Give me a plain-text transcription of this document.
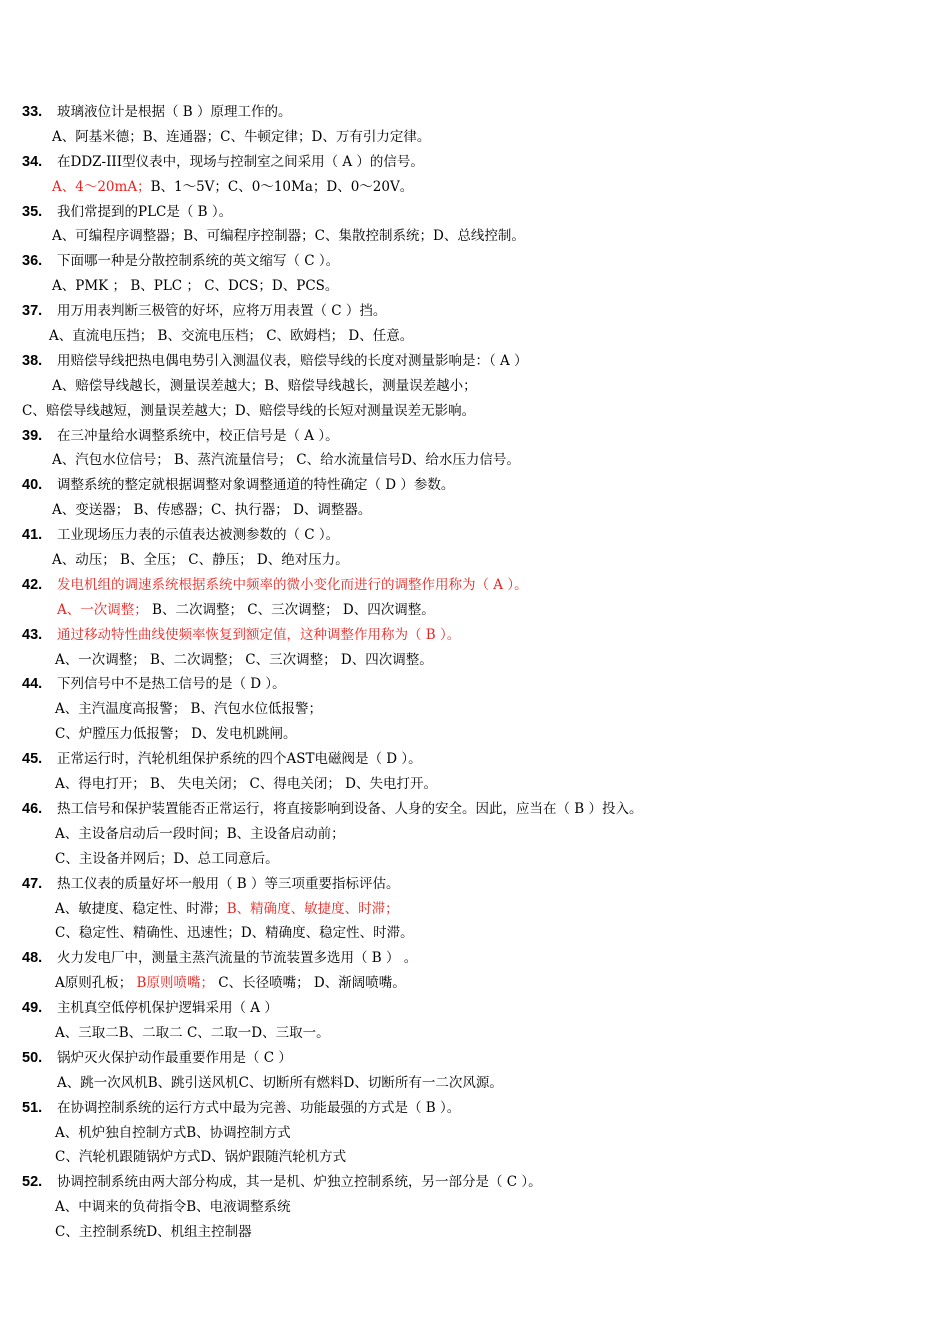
33. 玻璃液位计是根据（ B ）原理工作的。
A、阿基米德；B、连通器；C、牛顿定律；D、万有引力定律。
34. 在DDZ-III型仪表中，现场与控制室之间采用（ A ）的信号。
A、4～20mA；B、1～5V；C、0～10Ma；D、0～20V。
35. 我们常提到的PLC是（ B ）。
A、可编程序调整器；B、可编程序控制器；C、集散控制系统；D、总线控制。
36. 下面哪一种是分散控制系统的英文缩写（ C ）。
A、PMK ； B、PLC ； C、DCS；D、PCS。
37. 用万用表判断三极管的好坏，应将万用表置（ C ）挡。
A、直流电压挡； B、交流电压档； C、欧姆档； D、任意。
38. 用赔偿导线把热电偶电势引入测温仪表，赔偿导线的长度对测量影响是：（ A ）
A、赔偿导线越长，测量误差越大；B、赔偿导线越长，测量误差越小；
C、赔偿导线越短，测量误差越大；D、赔偿导线的长短对测量误差无影响。
39. 在三冲量给水调整系统中，校正信号是（ A ）。
A、汽包水位信号； B、蒸汽流量信号； C、给水流量信号D、给水压力信号。
40. 调整系统的整定就根据调整对象调整通道的特性确定（ D ）参数。
A、变送器； B、传感器；C、执行器； D、调整器。
41. 工业现场压力表的示值表达被测参数的（ C ）。
A、动压； B、全压； C、静压； D、绝对压力。
42. 发电机组的调速系统根据系统中频率的微小变化而进行的调整作用称为（ A ）。
A、一次调整； B、二次调整； C、三次调整； D、四次调整。
43. 通过移动特性曲线使频率恢复到额定值，这种调整作用称为（ B ）。
A、一次调整； B、二次调整； C、三次调整； D、四次调整。
44. 下列信号中不是热工信号的是（ D ）。
A、主汽温度高报警； B、汽包水位低报警；
C、炉膛压力低报警； D、发电机跳闸。
45. 正常运行时，汽轮机组保护系统的四个AST电磁阀是（ D ）。
A、得电打开； B、 失电关闭； C、得电关闭； D、失电打开。
46. 热工信号和保护装置能否正常运行，将直接影响到设备、人身的安全。因此，应当在（ B ）投入。
A、主设备启动后一段时间；B、主设备启动前；
C、主设备并网后；D、总工同意后。
47. 热工仪表的质量好坏一般用（ B ）等三项重要指标评估。
A、敏捷度、稳定性、时滞；B、精确度、敏捷度、时滞；
C、稳定性、精确性、迅速性；D、精确度、稳定性、时滞。
48. 火力发电厂中，测量主蒸汽流量的节流装置多选用（ B ） 。
A原则孔板； B原则喷嘴； C、长径喷嘴； D、渐阔喷嘴。
49. 主机真空低停机保护逻辑采用（ A ）
A、三取二B、二取二 C、二取一D、三取一。
50. 锅炉灭火保护动作最重要作用是（ C ）
A、跳一次风机B、跳引送风机C、切断所有燃料D、切断所有一二次风源。
51. 在协调控制系统的运行方式中最为完善、功能最强的方式是（ B ）。
A、机炉独自控制方式B、协调控制方式
C、汽轮机跟随锅炉方式D、锅炉跟随汽轮机方式
52. 协调控制系统由两大部分构成，其一是机、炉独立控制系统，另一部分是（ C ）。
A、中调来的负荷指令B、电液调整系统
C、主控制系统D、机组主控制器
